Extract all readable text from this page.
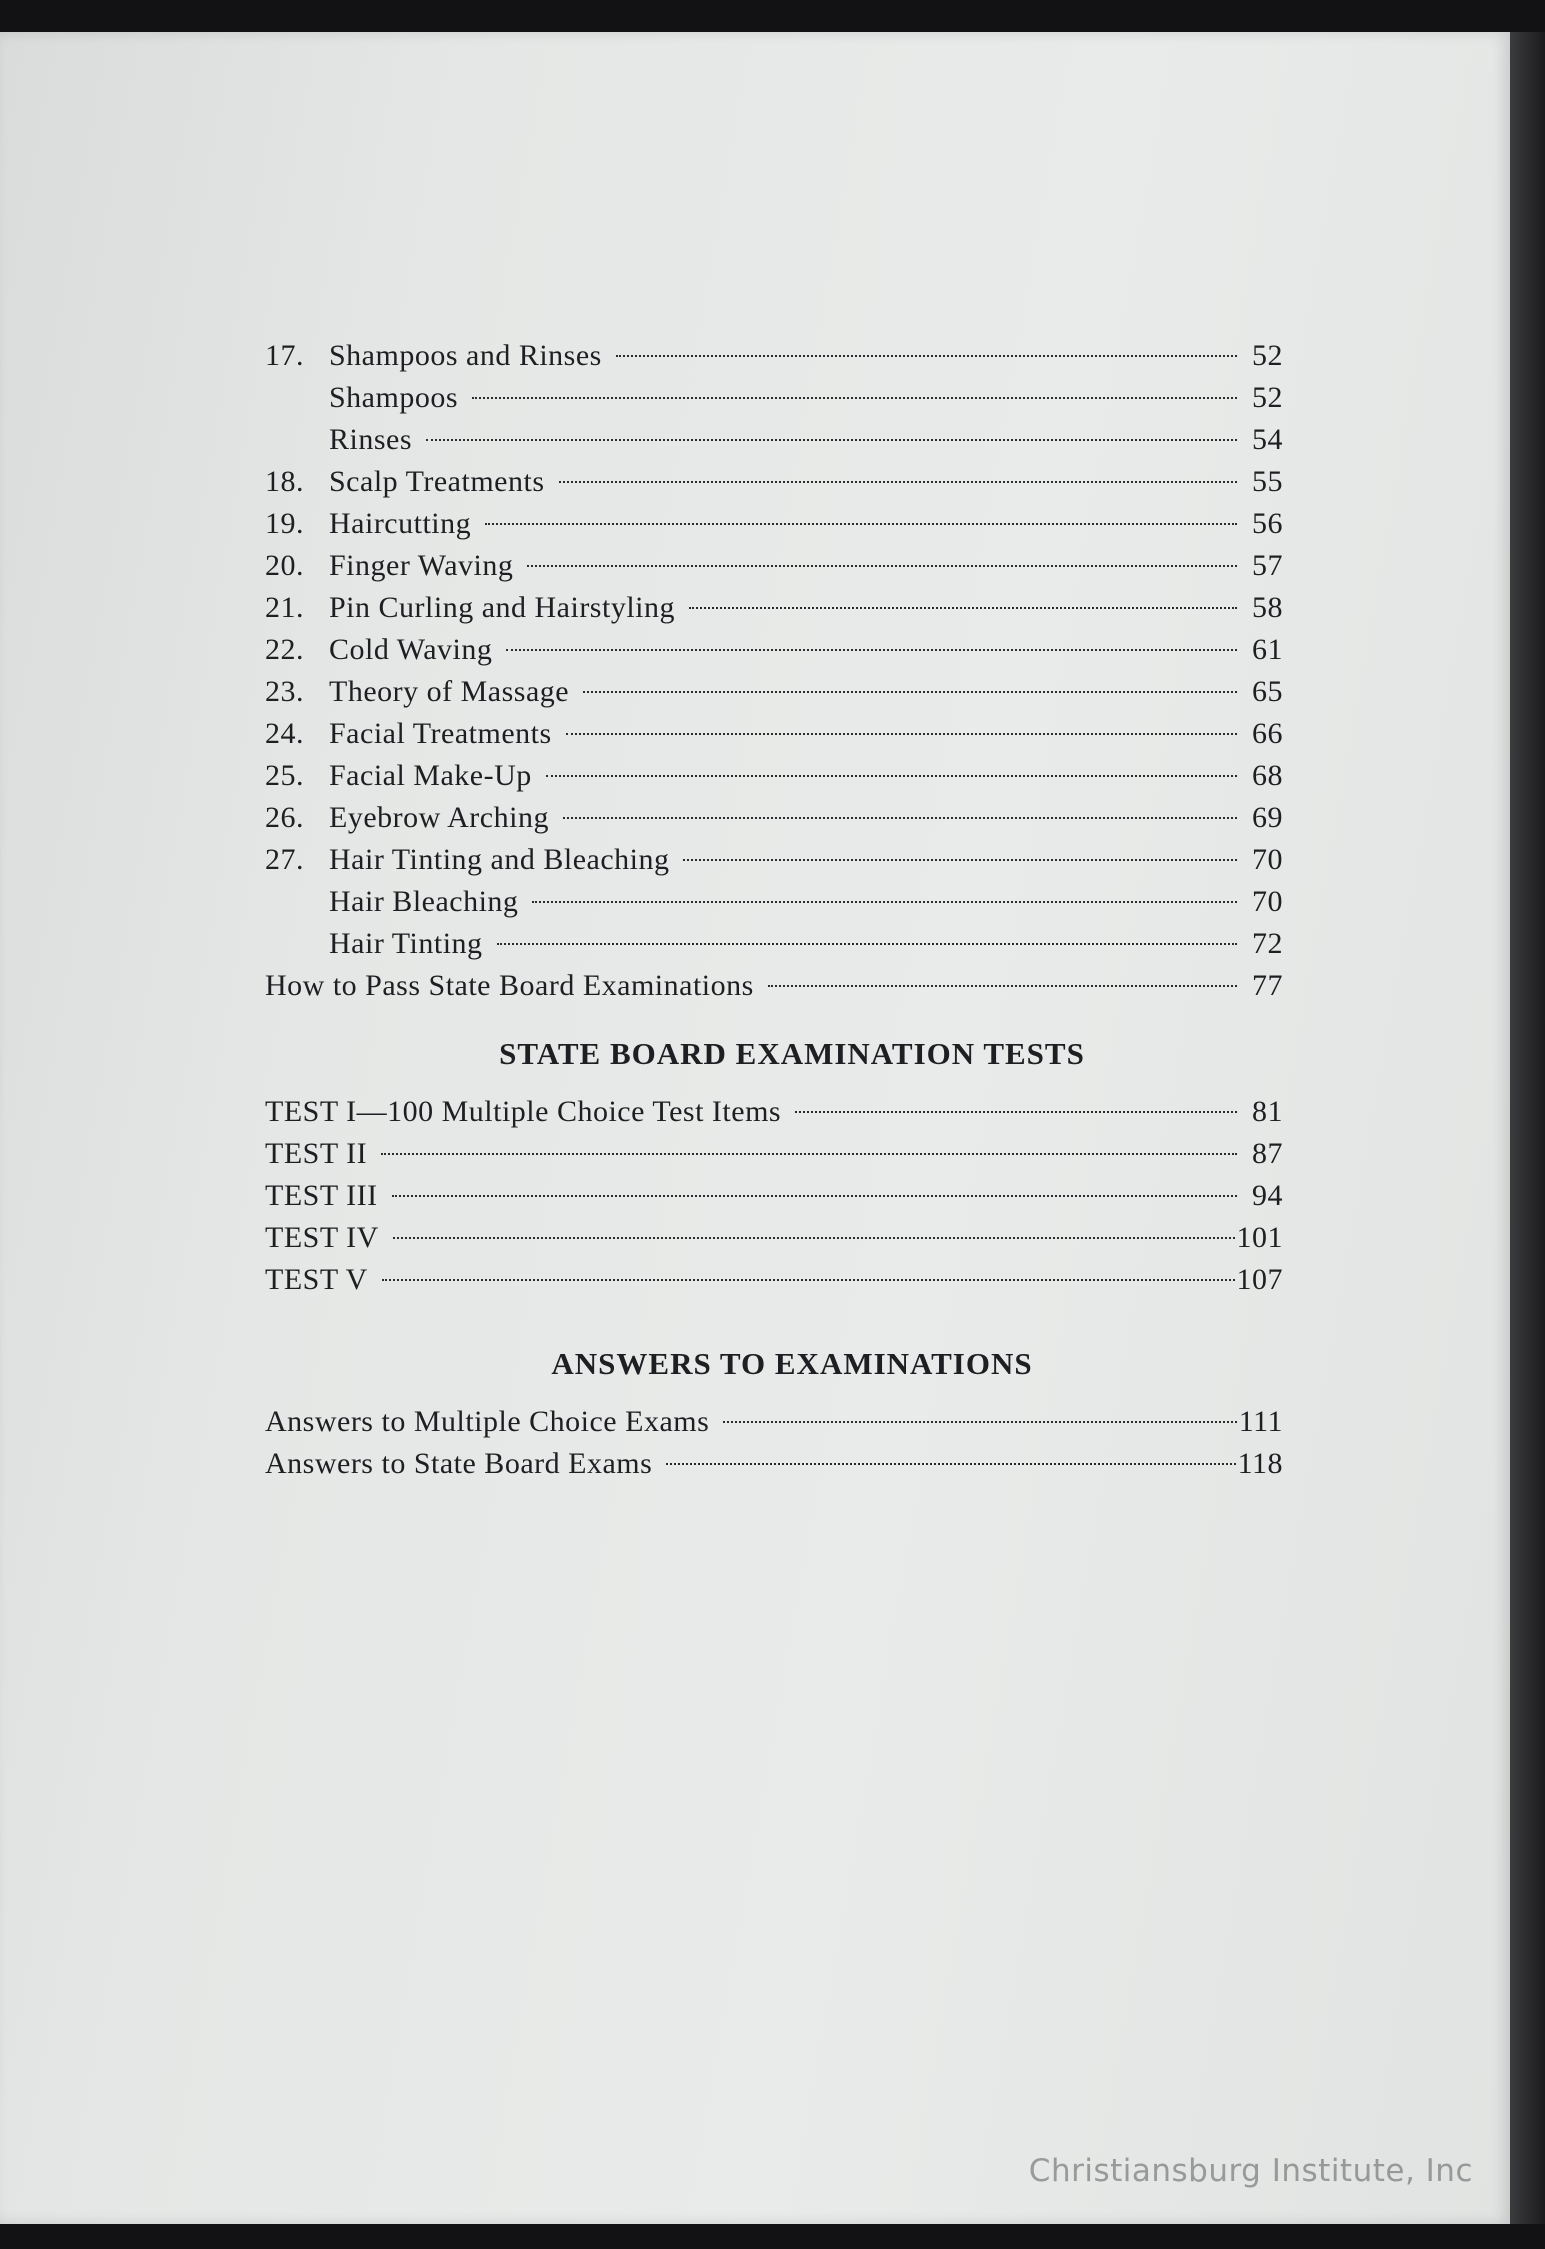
17. Shampoos and Rinses	52
Shampoos	52
Rinses	54
18. Scalp Treatments	55
19. Haircutting	56
20. Finger Waving	57
21. Pin Curling and Hairstyling	58
22. Cold Waving	61
23. Theory of Massage	65
24. Facial Treatments	66
25. Facial Make-Up	68
26. Eyebrow Arching	69
27. Hair Tinting and Bleaching	70
Hair Bleaching	70
Hair Tinting	72
How to Pass State Board Examinations	77
STATE BOARD EXAMINATION TESTS
TEST I—100 Multiple Choice Test Items	81
TEST II	87
TEST III	94
TEST IV	101
TEST V	107
ANSWERS TO EXAMINATIONS
Answers to Multiple Choice Exams	111
Answers to State Board Exams	118
Christiansburg Institute, Inc
